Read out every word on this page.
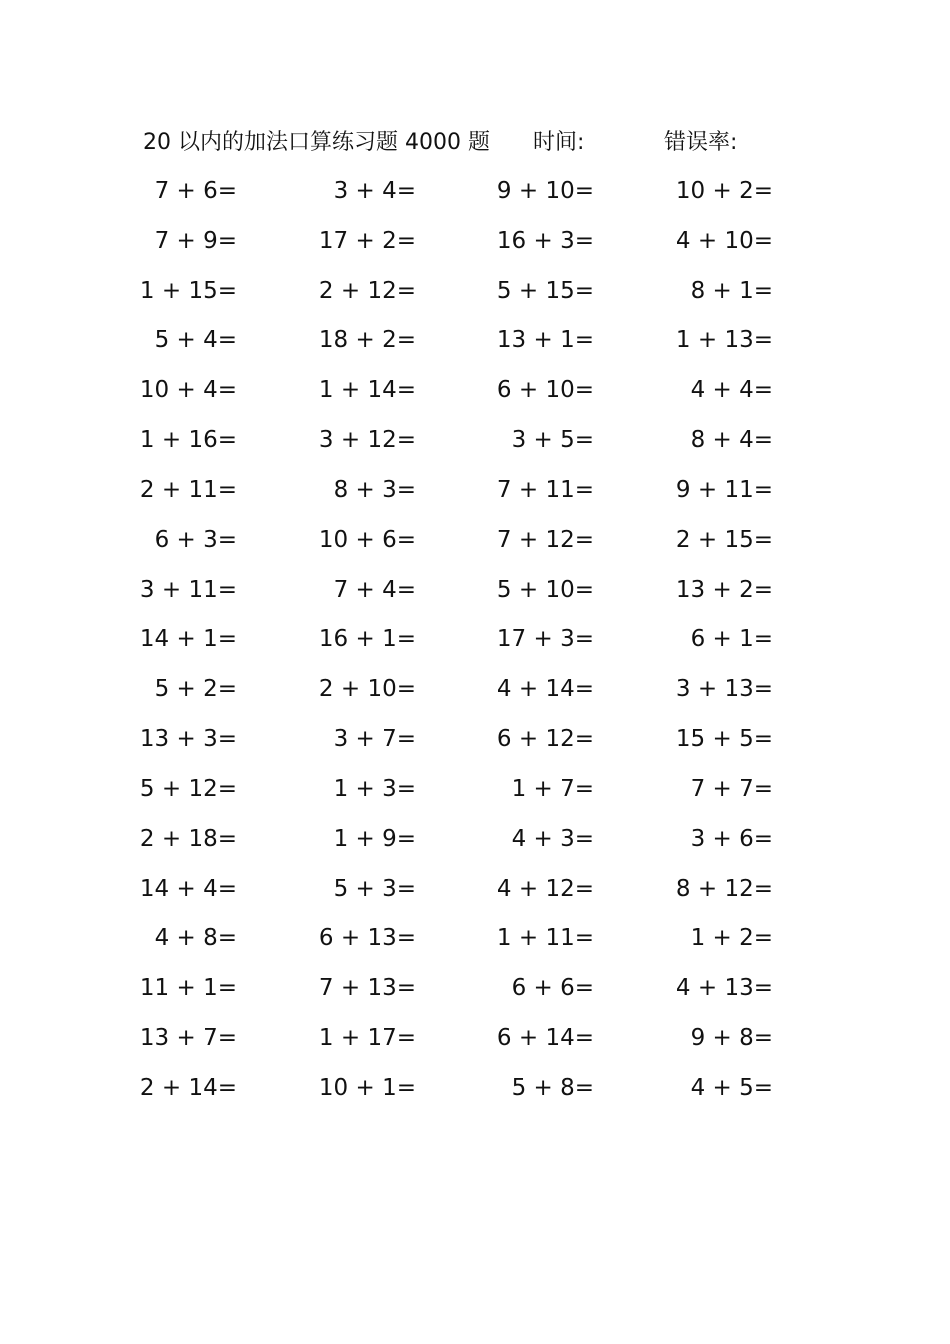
20 以内的加法口算练习题 4000 题 时间:	错误率:
7 + 6=	3 + 4=	9 + 10=	10 + 2=
7 + 9=	17 + 2=	16 + 3=	4 + 10=
1 + 15=	2 + 12=	5 + 15=	8 + 1=
5 + 4=	18 + 2=	13 + 1=	1 + 13=
10 + 4=	1 + 14=	6 + 10=	4 + 4=
1 + 16=	3 + 12=	3 + 5=	8 + 4=
2 + 11=	8 + 3=	7 + 11=	9 + 11=
6 + 3=	10 + 6=	7 + 12=	2 + 15=
3 + 11=	7 + 4=	5 + 10=	13 + 2=
14 + 1=	16 + 1=	17 + 3=	6 + 1=
5 + 2=	2 + 10=	4 + 14=	3 + 13=
13 + 3=	3 + 7=	6 + 12=	15 + 5=
5 + 12=	1 + 3=	1 + 7=	7 + 7=
2 + 18=	1 + 9=	4 + 3=	3 + 6=
14 + 4=	5 + 3=	4 + 12=	8 + 12=
4 + 8=	6 + 13=	1 + 11=	1 + 2=
11 + 1=	7 + 13=	6 + 6=	4 + 13=
13 + 7=	1 + 17=	6 + 14=	9 + 8=
2 + 14=	10 + 1=	5 + 8=	4 + 5=
